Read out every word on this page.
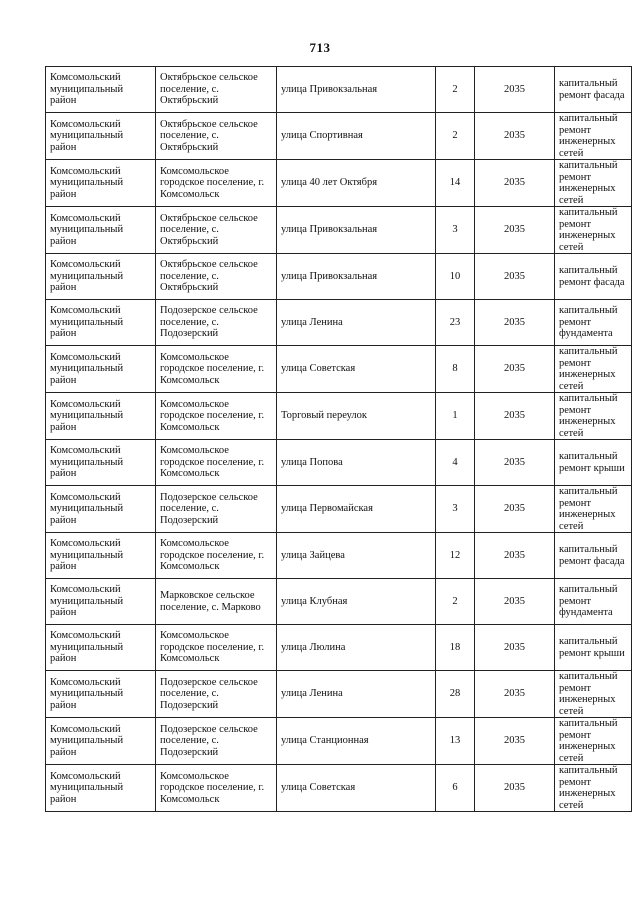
713
Комсомольский муниципальный район	Октябрьское сельское поселение, с. Октябрьский	улица Привокзальная	2	2035	капитальный ремонт фасада
Комсомольский муниципальный район	Октябрьское сельское поселение, с. Октябрьский	улица Спортивная	2	2035	капитальный ремонт инженерных сетей
Комсомольский муниципальный район	Комсомольское городское поселение, г. Комсомольск	улица 40 лет Октября	14	2035	капитальный ремонт инженерных сетей
Комсомольский муниципальный район	Октябрьское сельское поселение, с. Октябрьский	улица Привокзальная	3	2035	капитальный ремонт инженерных сетей
Комсомольский муниципальный район	Октябрьское сельское поселение, с. Октябрьский	улица Привокзальная	10	2035	капитальный ремонт фасада
Комсомольский муниципальный район	Подозерское сельское поселение, с. Подозерский	улица Ленина	23	2035	капитальный ремонт фундамента
Комсомольский муниципальный район	Комсомольское городское поселение, г. Комсомольск	улица Советская	8	2035	капитальный ремонт инженерных сетей
Комсомольский муниципальный район	Комсомольское городское поселение, г. Комсомольск	Торговый переулок	1	2035	капитальный ремонт инженерных сетей
Комсомольский муниципальный район	Комсомольское городское поселение, г. Комсомольск	улица Попова	4	2035	капитальный ремонт крыши
Комсомольский муниципальный район	Подозерское сельское поселение, с. Подозерский	улица Первомайская	3	2035	капитальный ремонт инженерных сетей
Комсомольский муниципальный район	Комсомольское городское поселение, г. Комсомольск	улица Зайцева	12	2035	капитальный ремонт фасада
Комсомольский муниципальный район	Марковское сельское поселение, с. Марково	улица Клубная	2	2035	капитальный ремонт фундамента
Комсомольский муниципальный район	Комсомольское городское поселение, г. Комсомольск	улица Люлина	18	2035	капитальный ремонт крыши
Комсомольский муниципальный район	Подозерское сельское поселение, с. Подозерский	улица Ленина	28	2035	капитальный ремонт инженерных сетей
Комсомольский муниципальный район	Подозерское сельское поселение, с. Подозерский	улица Станционная	13	2035	капитальный ремонт инженерных сетей
Комсомольский муниципальный район	Комсомольское городское поселение, г. Комсомольск	улица Советская	6	2035	капитальный ремонт инженерных сетей
